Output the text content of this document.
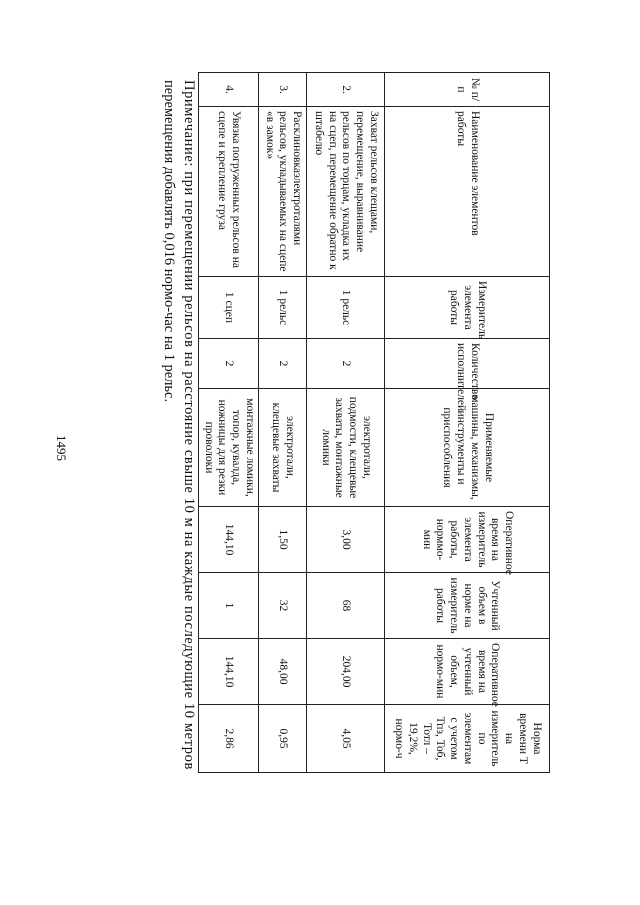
1495
№ п/п	Наименование элементов работы	Измеритель элемента работы	Количество исполнителей	Применяемые машины, механизмы, инструменты и приспособления	Оперативное время на измеритель элемента работы, норммо-мин	Учтенный объем в норме на измеритель работы	Оперативное время на учтенный объем, нормо-мин	Норма времени Т на измеритель по элементам с учетом Тпз, Тоб, Тотл – 19,2%, нормо-ч
2.	Захват рельсов клещами, перемещение, выравнивание рельсов по торцам, укладка их на сцеп, перемещение обратно к штабелю	1 рельс	2	электротали, подмости, клещевые захваты, монтажные ломики	3,00	68	204,00	4,05
3.	Расклиновкаэлектроталями рельсов, укладываемых на сцепе «в замок»	1 рельс	2	электротали, клещевые захваты	1,50	32	48,00	0,95
4.	Увязка погруженных рельсов на сцепе и крепление груза	1 сцеп	2	монтажные ломики, топор, кувалда, ножницы для резки проволоки	144,10	1	144,10	2,86
Примечание: при перемещении рельсов на расстояние свыше 10 м на каждые последующие 10 метров
перемещения добавлять 0,016 нормо-час на 1 рельс.
